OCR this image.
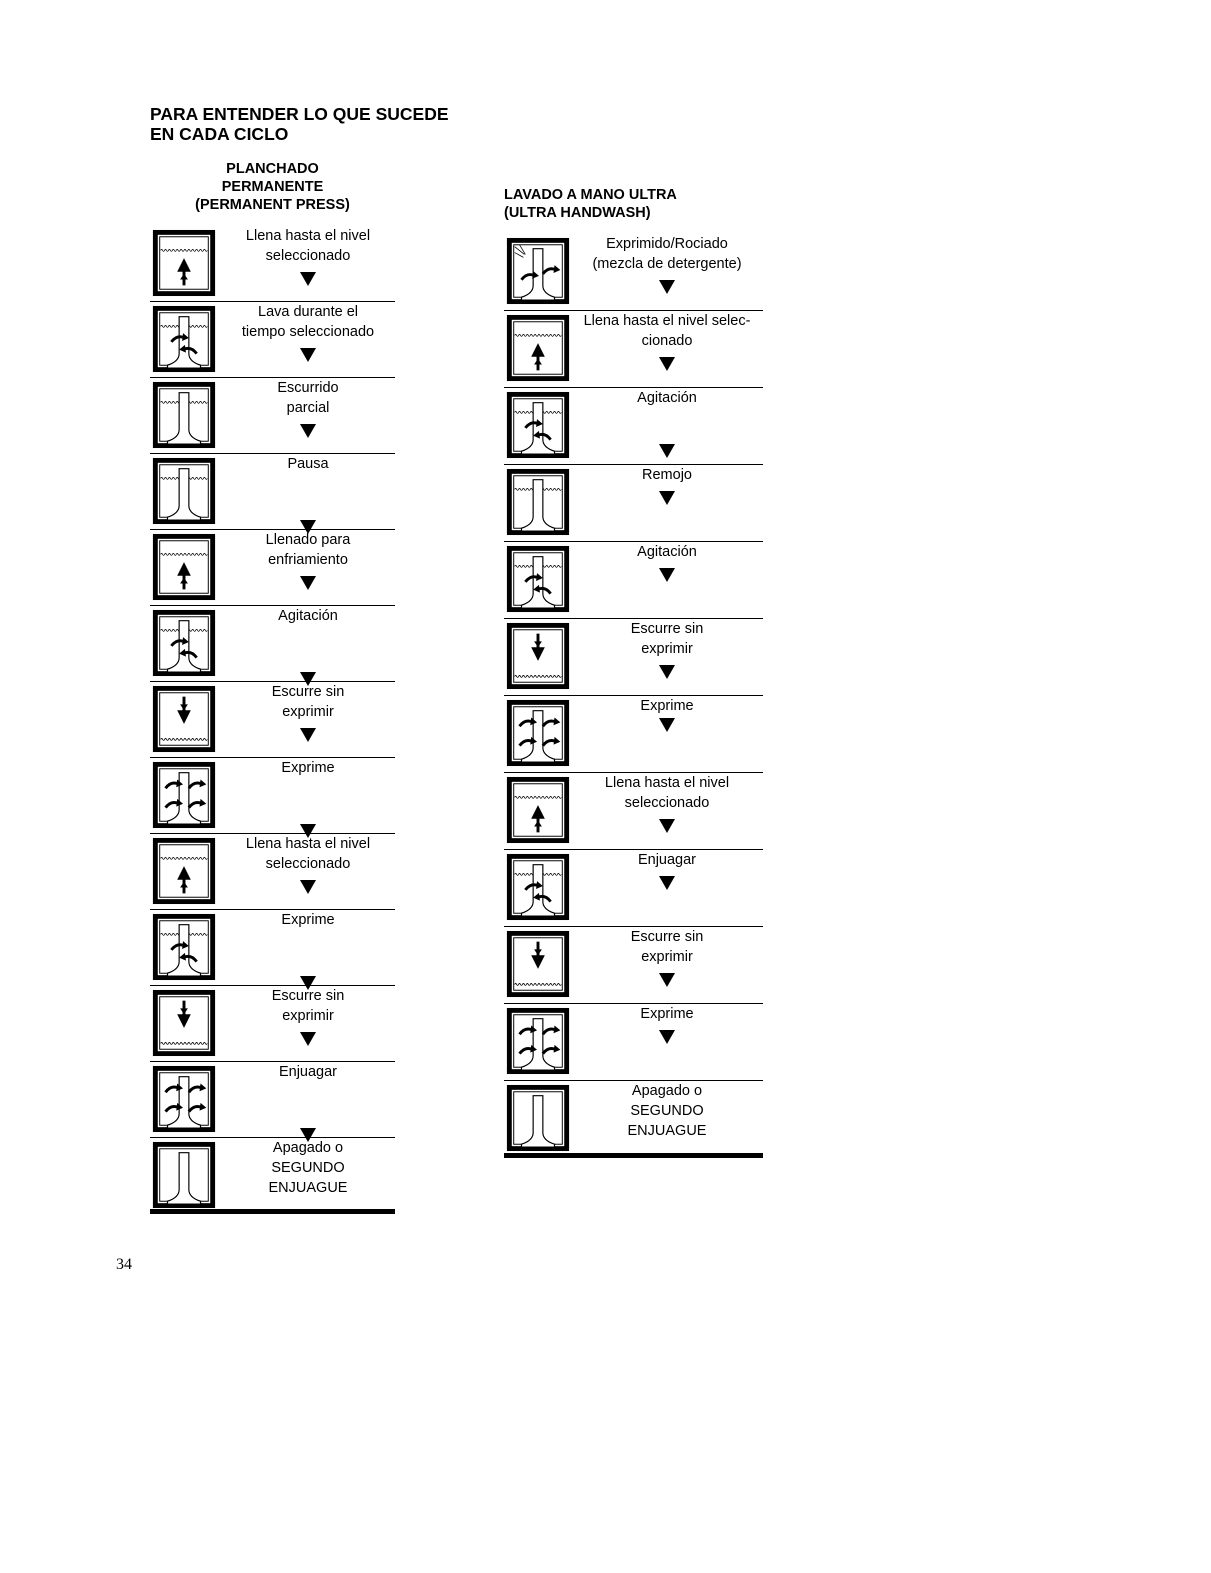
PARA ENTENDER LO QUE SUCEDE
EN CADA CICLO
PLANCHADO
PERMANENTE
(PERMANENT PRESS)
LAVADO A MANO ULTRA
(ULTRA HANDWASH)
Llena hasta el nivel
seleccionado
Lava durante el
tiempo seleccionado
Escurrido
parcial
Pausa
Llenado para
enfriamiento
Agitación
Escurre sin
exprimir
Exprime
Llena hasta el nivel
seleccionado
Exprime
Escurre sin
exprimir
Enjuagar
Apagado o
SEGUNDO
ENJUAGUE
Exprimido/Rociado
(mezcla de detergente)
Llena hasta el nivel selec-
cionado
Agitación
Remojo
Agitación
Escurre sin
exprimir
Exprime
Llena hasta el nivel
seleccionado
Enjuagar
Escurre sin
exprimir
Exprime
Apagado o
SEGUNDO
ENJUAGUE
34
